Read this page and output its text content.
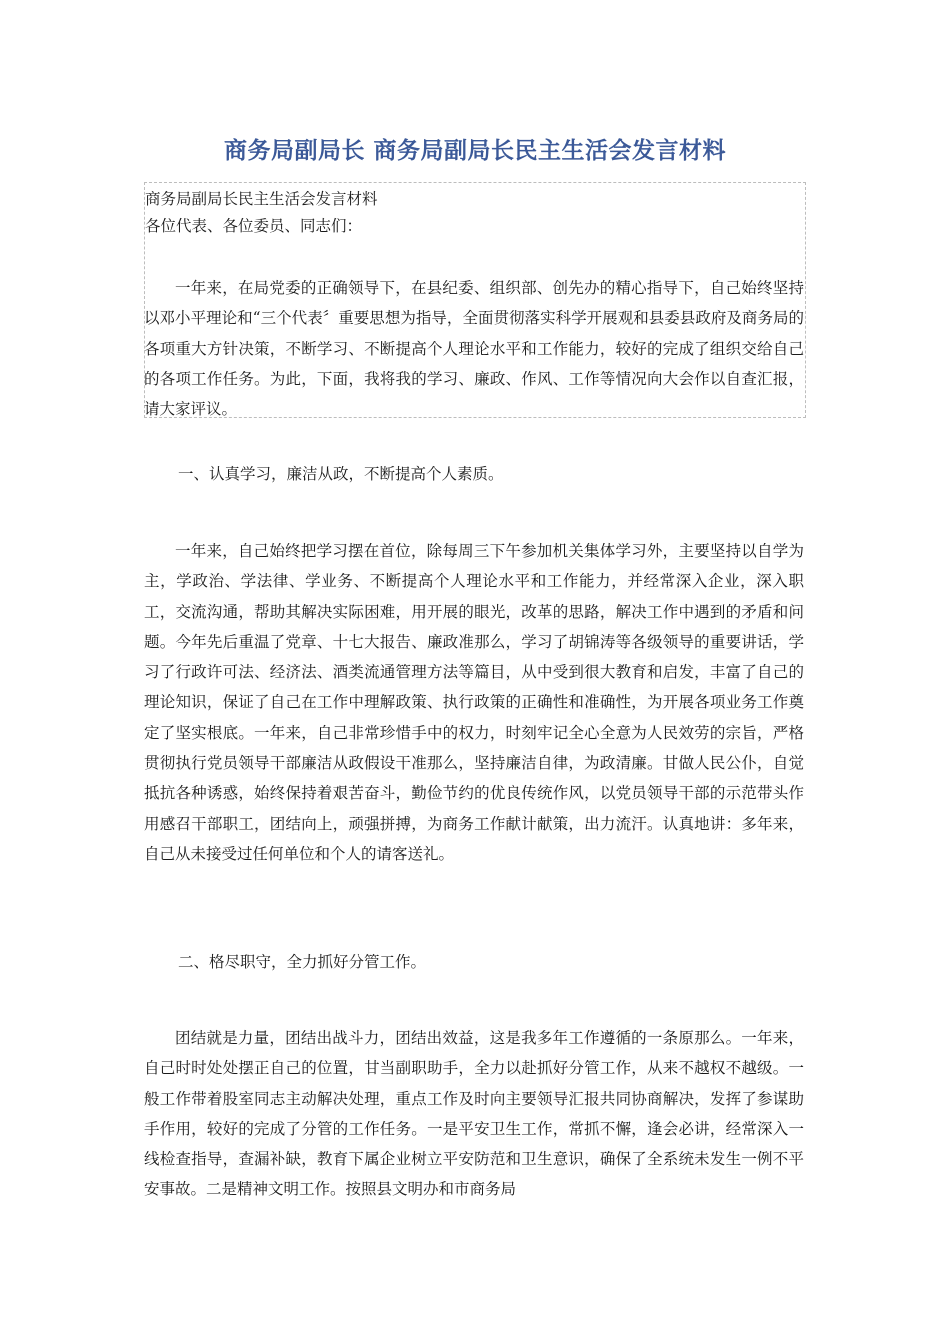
商务局副局长 商务局副局长民主生活会发言材料
商务局副局长民主生活会发言材料
各位代表、各位委员、同志们：

一年来，在局党委的正确领导下，在县纪委、组织部、创先办的精心指导下，自己始终坚持以邓小平理论和“三个代表〞重要思想为指导，全面贯彻落实科学开展观和县委县政府及商务局的各项重大方针决策，不断学习、不断提高个人理论水平和工作能力，较好的完成了组织交给自己的各项工作任务。为此，下面，我将我的学习、廉政、作风、工作等情况向大会作以自查汇报，请大家评议。

一、认真学习，廉洁从政，不断提高个人素质。

一年来，自己始终把学习摆在首位，除每周三下午参加机关集体学习外，主要坚持以自学为主，学政治、学法律、学业务、不断提高个人理论水平和工作能力，并经常深入企业，深入职工，交流沟通，帮助其解决实际困难，用开展的眼光，改革的思路，解决工作中遇到的矛盾和问题。今年先后重温了党章、十七大报告、廉政准那么，学习了胡锦涛等各级领导的重要讲话，学习了行政许可法、经济法、酒类流通管理方法等篇目，从中受到很大教育和启发，丰富了自己的理论知识，保证了自己在工作中理解政策、执行政策的正确性和准确性，为开展各项业务工作奠定了坚实根底。一年来，自己非常珍惜手中的权力，时刻牢记全心全意为人民效劳的宗旨，严格贯彻执行党员领导干部廉洁从政假设干准那么，坚持廉洁自律，为政清廉。甘做人民公仆，自觉抵抗各种诱惑，始终保持着艰苦奋斗，勤俭节约的优良传统作风，以党员领导干部的示范带头作用感召干部职工，团结向上，顽强拼搏，为商务工作献计献策，出力流汗。认真地讲：多年来，自己从未接受过任何单位和个人的请客送礼。

二、格尽职守，全力抓好分管工作。

团结就是力量，团结出战斗力，团结出效益，这是我多年工作遵循的一条原那么。一年来，自己时时处处摆正自己的位置，甘当副职助手，全力以赴抓好分管工作，从来不越权不越级。一般工作带着股室同志主动解决处理，重点工作及时向主要领导汇报共同协商解决，发挥了参谋助手作用，较好的完成了分管的工作任务。一是平安卫生工作，常抓不懈，逢会必讲，经常深入一线检查指导，查漏补缺，教育下属企业树立平安防范和卫生意识，确保了全系统未发生一例不平安事故。二是精神文明工作。按照县文明办和市商务局
